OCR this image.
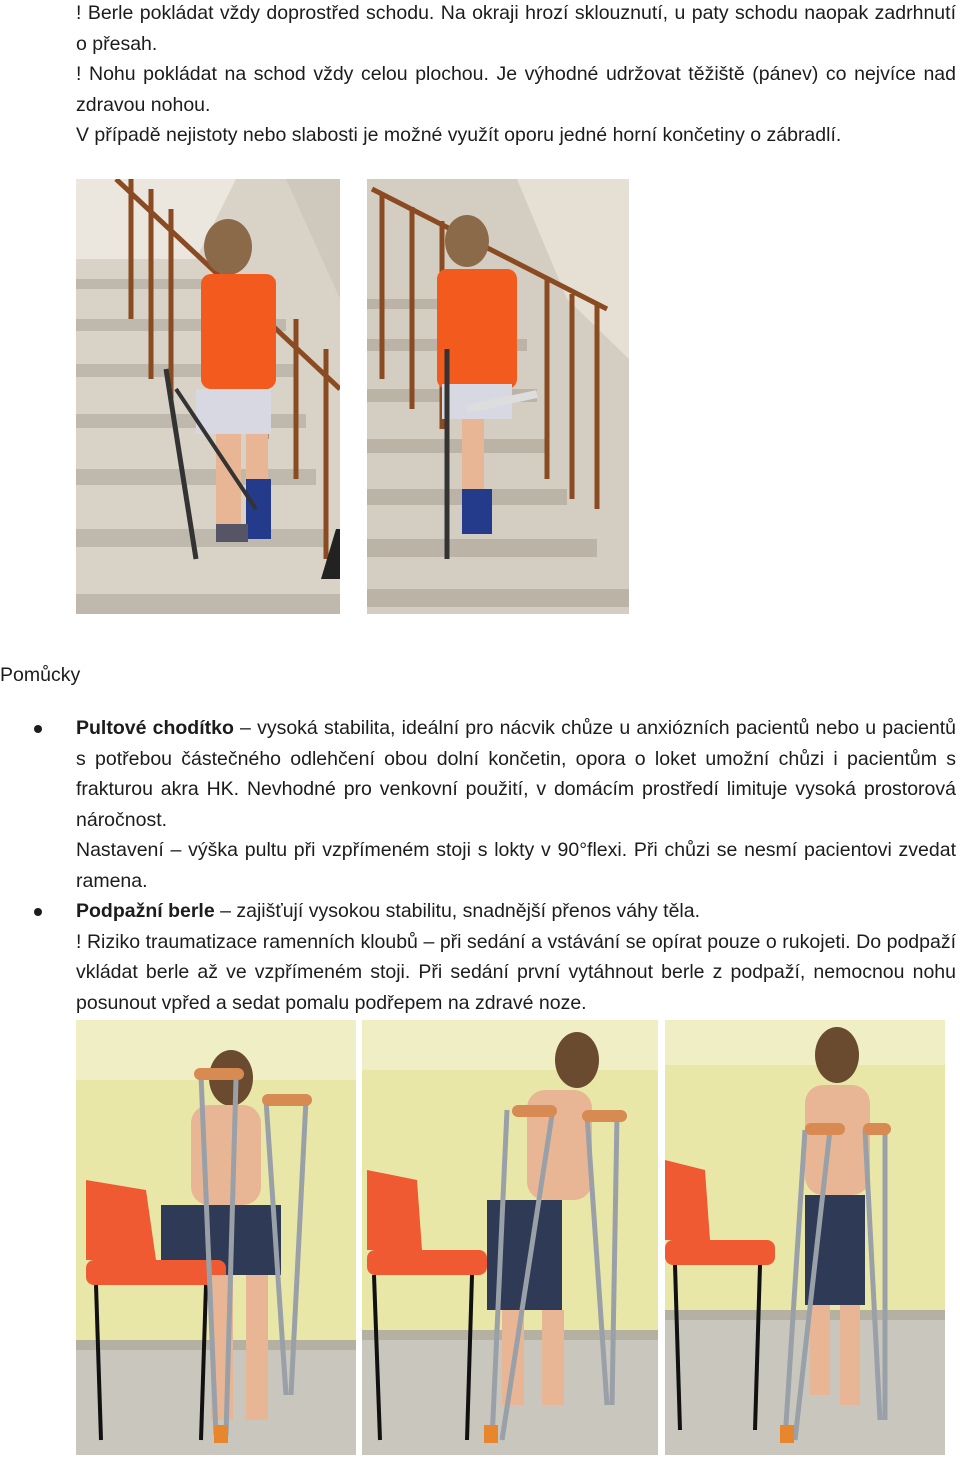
! Berle pokládat vždy doprostřed schodu. Na okraji hrozí sklouznutí, u paty schodu naopak zadrhnutí o přesah.
! Nohu pokládat na schod vždy celou plochou. Je výhodné udržovat těžiště (pánev) co nejvíce nad zdravou nohou.
V případě nejistoty nebo slabosti je možné využít oporu jedné horní končetiny o zábradlí.
Pomůcky
Pultové chodítko – vysoká stabilita, ideální pro nácvik chůze u anxiózních pacientů nebo u pacientů s potřebou částečného odlehčení obou dolní končetin, opora o loket umožní chůzi i pacientům s frakturou akra HK. Nevhodné pro venkovní použití, v domácím prostředí limituje vysoká prostorová náročnost.
Nastavení – výška pultu při vzpřímeném stoji s lokty v 90°flexi. Při chůzi se nesmí pacientovi zvedat ramena.
Podpažní berle – zajišťují vysokou stabilitu, snadnější přenos váhy těla.
! Riziko traumatizace ramenních kloubů – při sedání a vstávání se opírat pouze o rukojeti. Do podpaží vkládat berle až ve vzpřímeném stoji. Při sedání první vytáhnout berle z podpaží, nemocnou nohu posunout vpřed a sedat pomalu podřepem na zdravé noze.
